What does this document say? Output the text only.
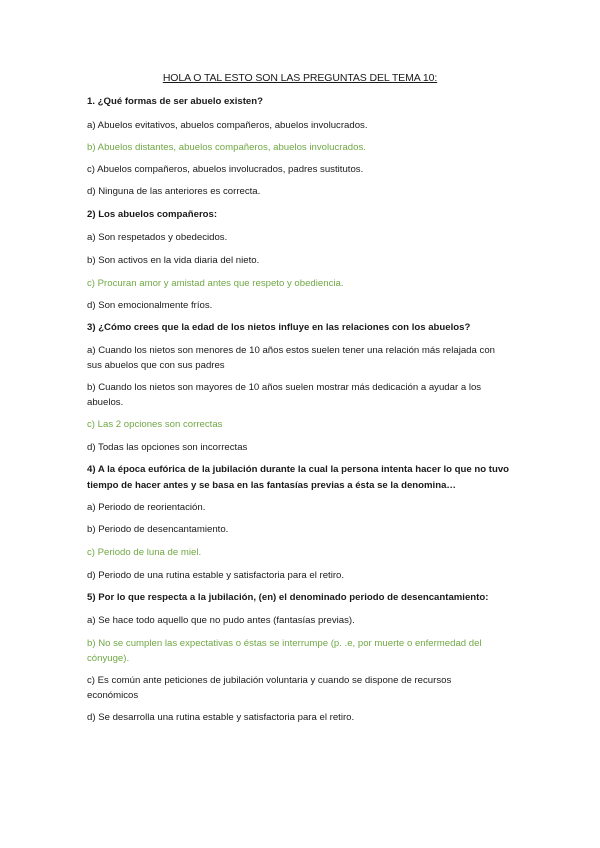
HOLA O TAL ESTO SON LAS PREGUNTAS DEL TEMA 10:
1. ¿Qué formas de ser abuelo existen?
a) Abuelos evitativos, abuelos compañeros, abuelos involucrados.
b) Abuelos distantes, abuelos compañeros, abuelos involucrados.
c) Abuelos compañeros, abuelos involucrados, padres sustitutos.
d) Ninguna de las anteriores es correcta.
2) Los abuelos compañeros:
a) Son respetados y obedecidos.
b) Son activos en la vida diaria del nieto.
c) Procuran amor y amistad antes que respeto y obediencia.
d) Son emocionalmente fríos.
3) ¿Cómo crees que la edad de los nietos influye en las relaciones con los abuelos?
a) Cuando los nietos son menores de 10 años estos suelen tener una relación más relajada con
sus abuelos que con sus padres
b) Cuando los nietos son mayores de 10 años suelen mostrar más dedicación a ayudar a los
abuelos.
c) Las 2 opciones son correctas
d) Todas las opciones son incorrectas
4) A la época eufórica de la jubilación durante la cual la persona intenta hacer lo que no tuvo
tiempo de hacer antes y se basa en las fantasías previas a ésta se la denomina…
a) Periodo de reorientación.
b) Periodo de desencantamiento.
c) Periodo de luna de miel.
d) Periodo de una rutina estable y satisfactoria para el retiro.
5) Por lo que respecta a la jubilación, (en) el denominado periodo de desencantamiento:
a) Se hace todo aquello que no pudo antes (fantasías previas).
b) No se cumplen las expectativas o éstas se interrumpe (p. .e, por muerte o enfermedad del
cónyuge).
c) Es común ante peticiones de jubilación voluntaria y cuando se dispone de recursos
económicos
d) Se desarrolla una rutina estable y satisfactoria para el retiro.
